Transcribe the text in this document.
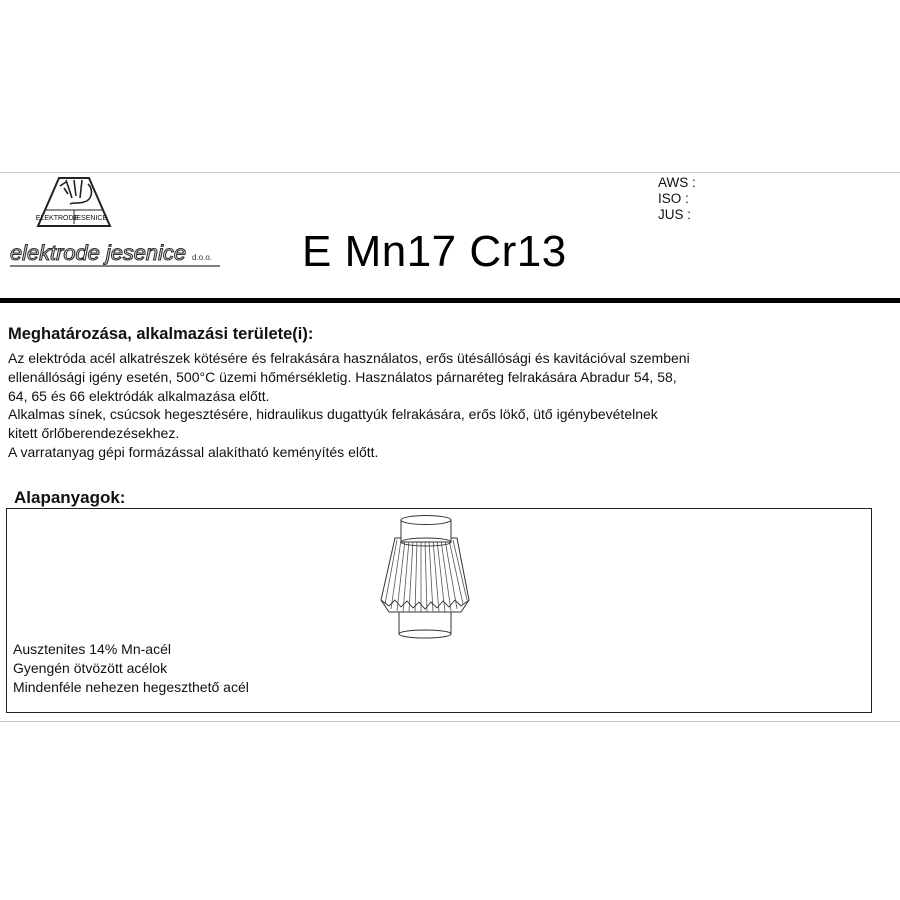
ELEKTRODE
JESENICE
elektrode jesenice d.o.o. E Mn17 Cr13
AWS :
ISO :
JUS :
Meghatározása, alkalmazási területe(i):
Az elektróda acél alkatrészek kötésére és felrakására használatos, erős ütésállósági és kavitációval szembeni
ellenállósági igény esetén, 500°C üzemi hőmérsékletig. Használatos párnaréteg felrakására Abradur 54, 58,
64, 65 és 66 elektródák alkalmazása előtt.
Alkalmas sínek, csúcsok hegesztésére, hidraulikus dugattyúk felrakására, erős lökő, ütő igénybevételnek
kitett őrlőberendezésekhez.
A varratanyag gépi formázással alakítható keményítés előtt.
Alapanyagok:
Ausztenites 14% Mn-acél
Gyengén ötvözött acélok
Mindenféle nehezen hegeszthető acél
